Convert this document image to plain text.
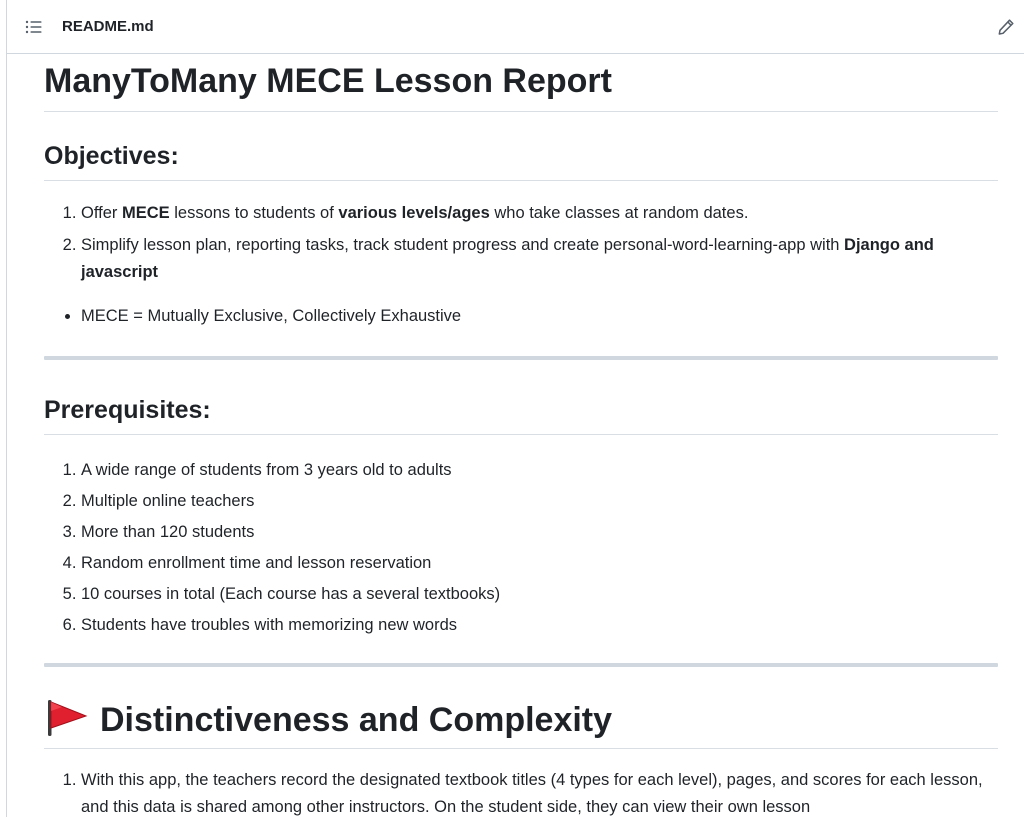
README.md
ManyToMany MECE Lesson Report
Objectives:
1. Offer MECE lessons to students of various levels/ages who take classes at random dates.
2. Simplify lesson plan, reporting tasks, track student progress and create personal-word-learning-app with Django and javascript
• MECE = Mutually Exclusive, Collectively Exhaustive
Prerequisites:
1. A wide range of students from 3 years old to adults
2. Multiple online teachers
3. More than 120 students
4. Random enrollment time and lesson reservation
5. 10 courses in total (Each course has a several textbooks)
6. Students have troubles with memorizing new words
Distinctiveness and Complexity
1. With this app, the teachers record the designated textbook titles (4 types for each level), pages, and scores for each lesson, and this data is shared among other instructors. On the student side, they can view their own lesson
